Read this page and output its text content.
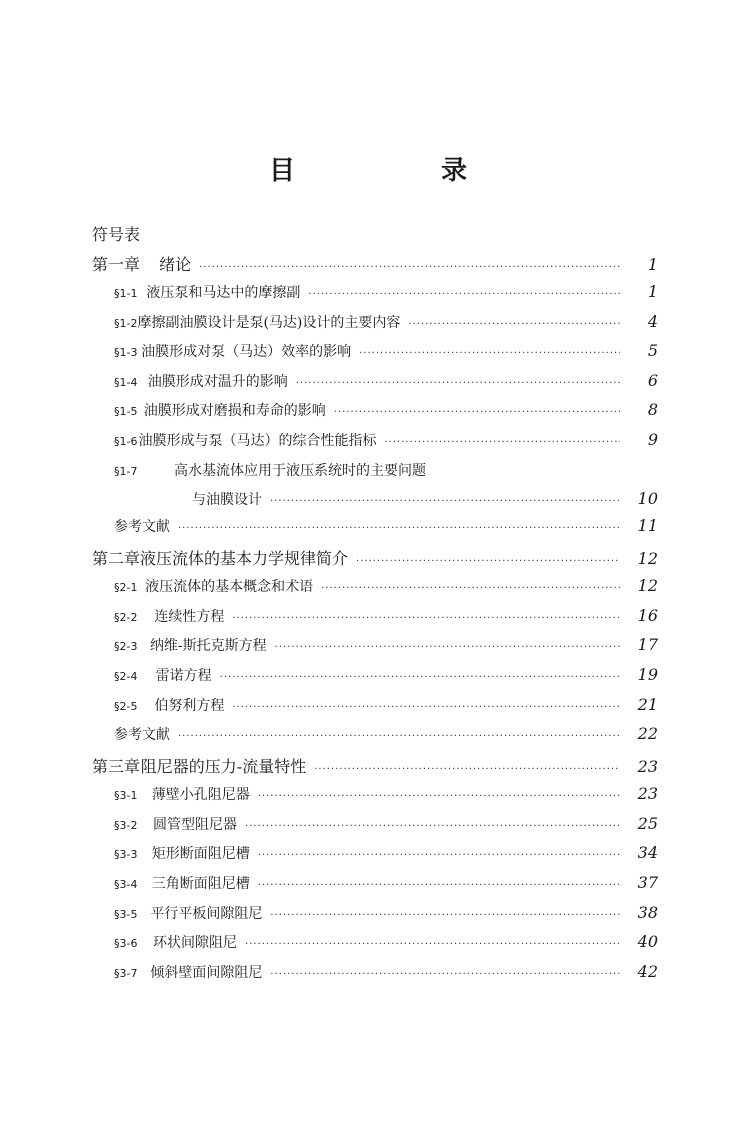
目　录
符号表
第一章	绪论 ·····	1
§1-1 液压泵和马达中的摩擦副 ·····	1
§1-2 摩擦副油膜设计是泵(马达)设计的主要内容 ·····	4
§1-3 油膜形成对泵（马达）效率的影响 ·····	5
§1-4 油膜形成对温升的影响 ·····	6
§1-5 油膜形成对磨损和寿命的影响 ·····	8
§1-6 油膜形成与泵（马达）的综合性能指标 ·····	9
§1-7	高水基流体应用于液压系统时的主要问题
与油膜设计 ·····	10
参考文献 ·····	11
第二章 液压流体的基本力学规律简介 ·····	12
§2-1 液压流体的基本概念和术语 ·····	12
§2-2	连续性方程 ·····	16
§2-3 纳维-斯托克斯方程 ·····	17
§2-4	雷诺方程 ·····	19
§2-5	伯努利方程 ·····	21
参考文献 ·····	22
第三章 阻尼器的压力-流量特性 ·····	23
§3-1	薄壁小孔阻尼器 ·····	23
§3-2	圆管型阻尼器 ·····	25
§3-3	矩形断面阻尼槽 ·····	34
§3-4	三角断面阻尼槽 ·····	37
§3-5 平行平板间隙阻尼 ·····	38
§3-6	环状间隙阻尼 ·····	40
§3-7 倾斜壁面间隙阻尼 ·····	42
